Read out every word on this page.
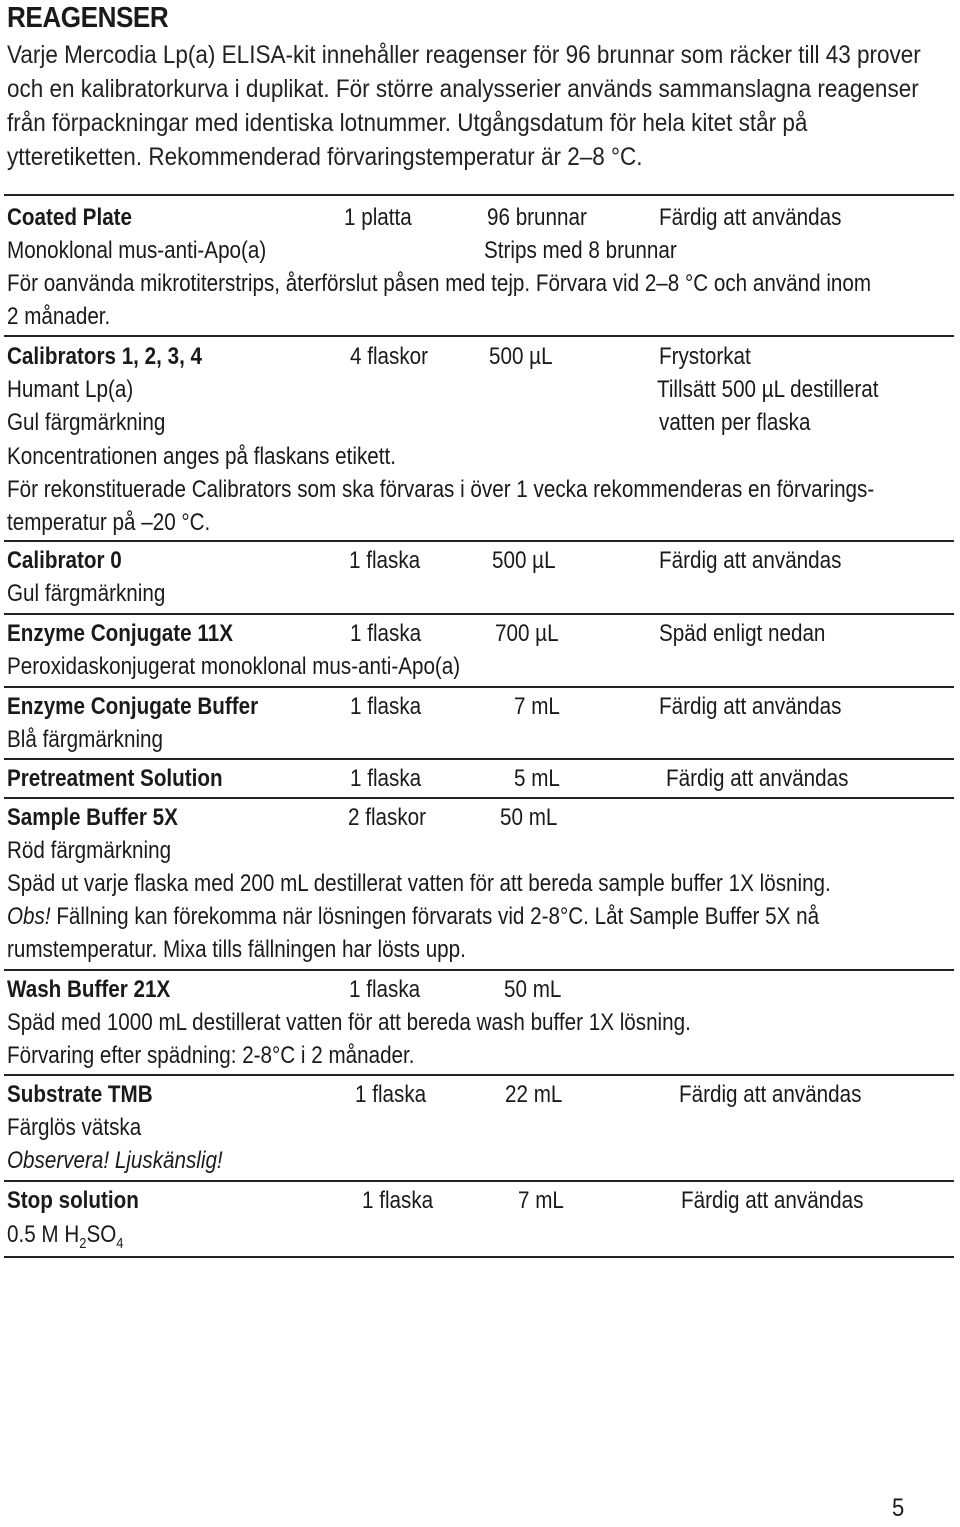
REAGENSER
Varje Mercodia Lp(a) ELISA-kit innehåller reagenser för 96 brunnar som räcker till 43 prover
och en kalibratorkurva i duplikat. För större analysserier används sammanslagna reagenser
från förpackningar med identiska lotnummer. Utgångsdatum för hela kitet står på
ytteretiketten. Rekommenderad förvaringstemperatur är 2–8 °C.
Coated Plate	1 platta	96 brunnar	Färdig att användas
Monoklonal mus-anti-Apo(a)	Strips med 8 brunnar
För oanvända mikrotiterstrips, återförslut påsen med tejp. Förvara vid 2–8 °C och använd inom
2 månader.
Calibrators 1, 2, 3, 4	4 flaskor	500 µL	Frystorkat
Humant Lp(a)	Tillsätt 500 µL destillerat
Gul färgmärkning	vatten per flaska
Koncentrationen anges på flaskans etikett.
För rekonstituerade Calibrators som ska förvaras i över 1 vecka rekommenderas en förvarings-
temperatur på –20 °C.
Calibrator 0	1 flaska	500 µL	Färdig att användas
Gul färgmärkning
Enzyme Conjugate 11X	1 flaska	700 µL	Späd enligt nedan
Peroxidaskonjugerat monoklonal mus-anti-Apo(a)
Enzyme Conjugate Buffer	1 flaska	7 mL	Färdig att användas
Blå färgmärkning
Pretreatment Solution	1 flaska	5 mL	Färdig att användas
Sample Buffer 5X	2 flaskor	50 mL
Röd färgmärkning
Späd ut varje flaska med 200 mL destillerat vatten för att bereda sample buffer 1X lösning.
Obs! Fällning kan förekomma när lösningen förvarats vid 2-8°C. Låt Sample Buffer 5X nå
rumstemperatur. Mixa tills fällningen har lösts upp.
Wash Buffer 21X	1 flaska	50 mL
Späd med 1000 mL destillerat vatten för att bereda wash buffer 1X lösning.
Förvaring efter spädning: 2-8°C i 2 månader.
Substrate TMB	1 flaska	22 mL	Färdig att användas
Färglös vätska
Observera! Ljuskänslig!
Stop solution	1 flaska	7 mL	Färdig att användas
0.5 M $H_2SO_4$
5
